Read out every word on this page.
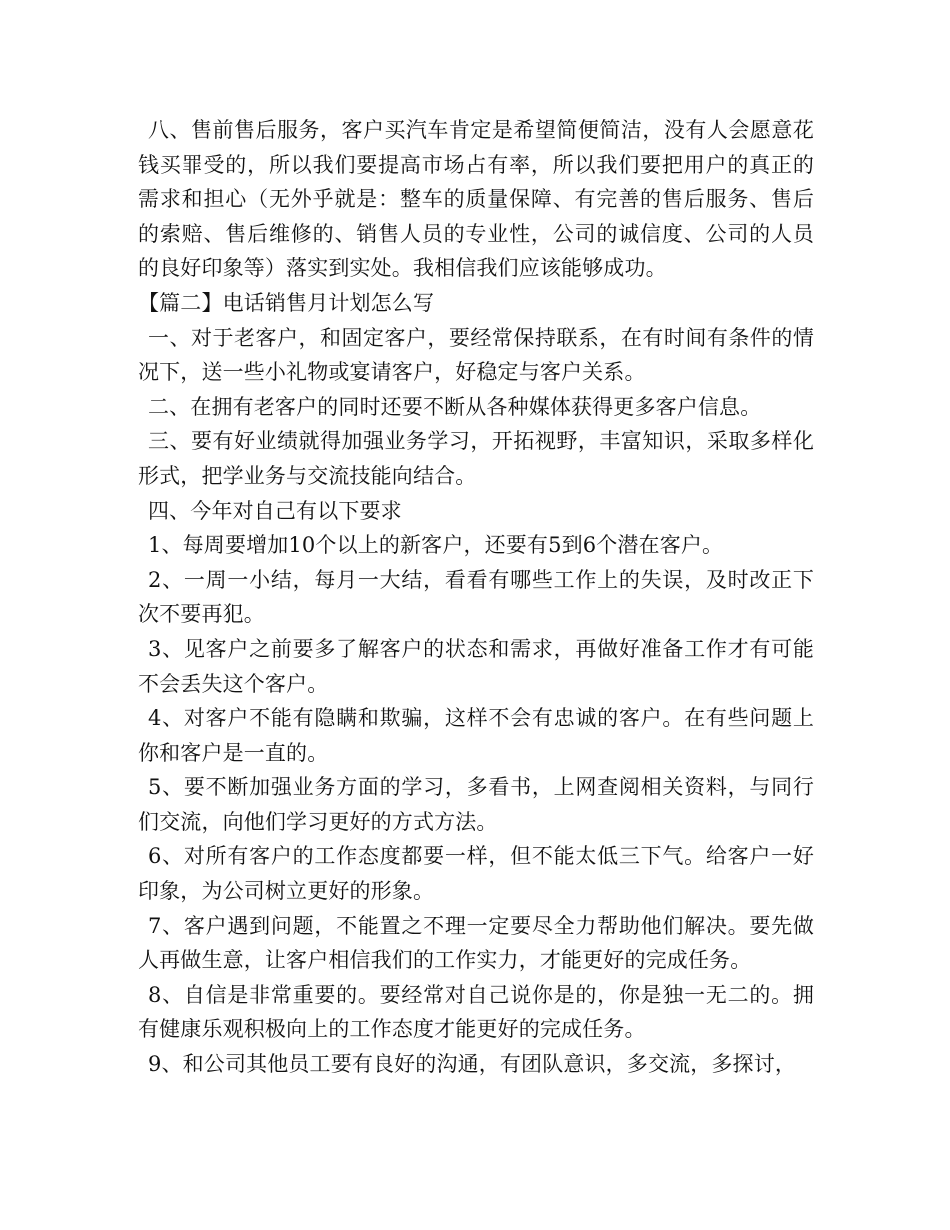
八、售前售后服务，客户买汽车肯定是希望简便简洁，没有人会愿意花钱买罪受的，所以我们要提高市场占有率，所以我们要把用户的真正的需求和担心（无外乎就是：整车的质量保障、有完善的售后服务、售后的索赔、售后维修的、销售人员的专业性，公司的诚信度、公司的人员的良好印象等）落实到实处。我相信我们应该能够成功。

【篇二】电话销售月计划怎么写

一、对于老客户，和固定客户，要经常保持联系，在有时间有条件的情况下，送一些小礼物或宴请客户，好稳定与客户关系。

二、在拥有老客户的同时还要不断从各种媒体获得更多客户信息。

三、要有好业绩就得加强业务学习，开拓视野，丰富知识，采取多样化形式，把学业务与交流技能向结合。

四、今年对自己有以下要求

1、每周要增加10个以上的新客户，还要有5到6个潜在客户。

2、一周一小结，每月一大结，看看有哪些工作上的失误，及时改正下次不要再犯。

3、见客户之前要多了解客户的状态和需求，再做好准备工作才有可能不会丢失这个客户。

4、对客户不能有隐瞒和欺骗，这样不会有忠诚的客户。在有些问题上你和客户是一直的。

5、要不断加强业务方面的学习，多看书，上网查阅相关资料，与同行们交流，向他们学习更好的方式方法。

6、对所有客户的工作态度都要一样，但不能太低三下气。给客户一好印象，为公司树立更好的形象。

7、客户遇到问题，不能置之不理一定要尽全力帮助他们解决。要先做人再做生意，让客户相信我们的工作实力，才能更好的完成任务。

8、自信是非常重要的。要经常对自己说你是的，你是独一无二的。拥有健康乐观积极向上的工作态度才能更好的完成任务。

9、和公司其他员工要有良好的沟通，有团队意识，多交流，多探讨，
